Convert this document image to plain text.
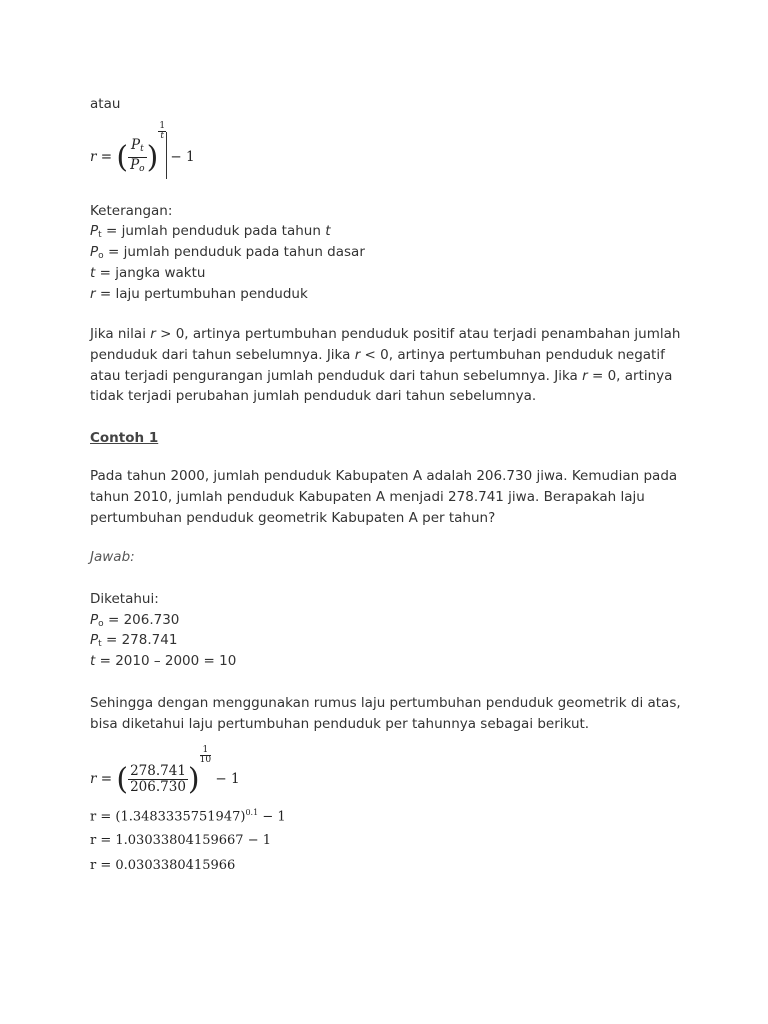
atau
r = ( $\frac{P_t}{P_o}$ )
$\frac{1}{t}$
− 1
Keterangan:
$P_t$ = jumlah penduduk pada tahun t
$P_o$ = jumlah penduduk pada tahun dasar
t = jangka waktu
r = laju pertumbuhan penduduk
Jika nilai r > 0, artinya pertumbuhan penduduk positif atau terjadi penambahan jumlah penduduk dari tahun sebelumnya. Jika r < 0, artinya pertumbuhan penduduk negatif atau terjadi pengurangan jumlah penduduk dari tahun sebelumnya. Jika r = 0, artinya tidak terjadi perubahan jumlah penduduk dari tahun sebelumnya.
Contoh 1
Pada tahun 2000, jumlah penduduk Kabupaten A adalah 206.730 jiwa. Kemudian pada tahun 2010, jumlah penduduk Kabupaten A menjadi 278.741 jiwa. Berapakah laju pertumbuhan penduduk geometrik Kabupaten A per tahun?
Jawab:
Diketahui:
$P_o = 206.730$
$P_t = 278.741$
t = 2010 – 2000 = 10
Sehingga dengan menggunakan rumus laju pertumbuhan penduduk geometrik di atas, bisa diketahui laju pertumbuhan penduduk per tahunnya sebagai berikut.
r = ( $\frac{278.741}{206.730}$ )
$\frac{1}{10}$
− 1
$r = (1.3483335751947)^{0.1} - 1$
r = 1.03033804159667 − 1
r = 0.0303380415966
